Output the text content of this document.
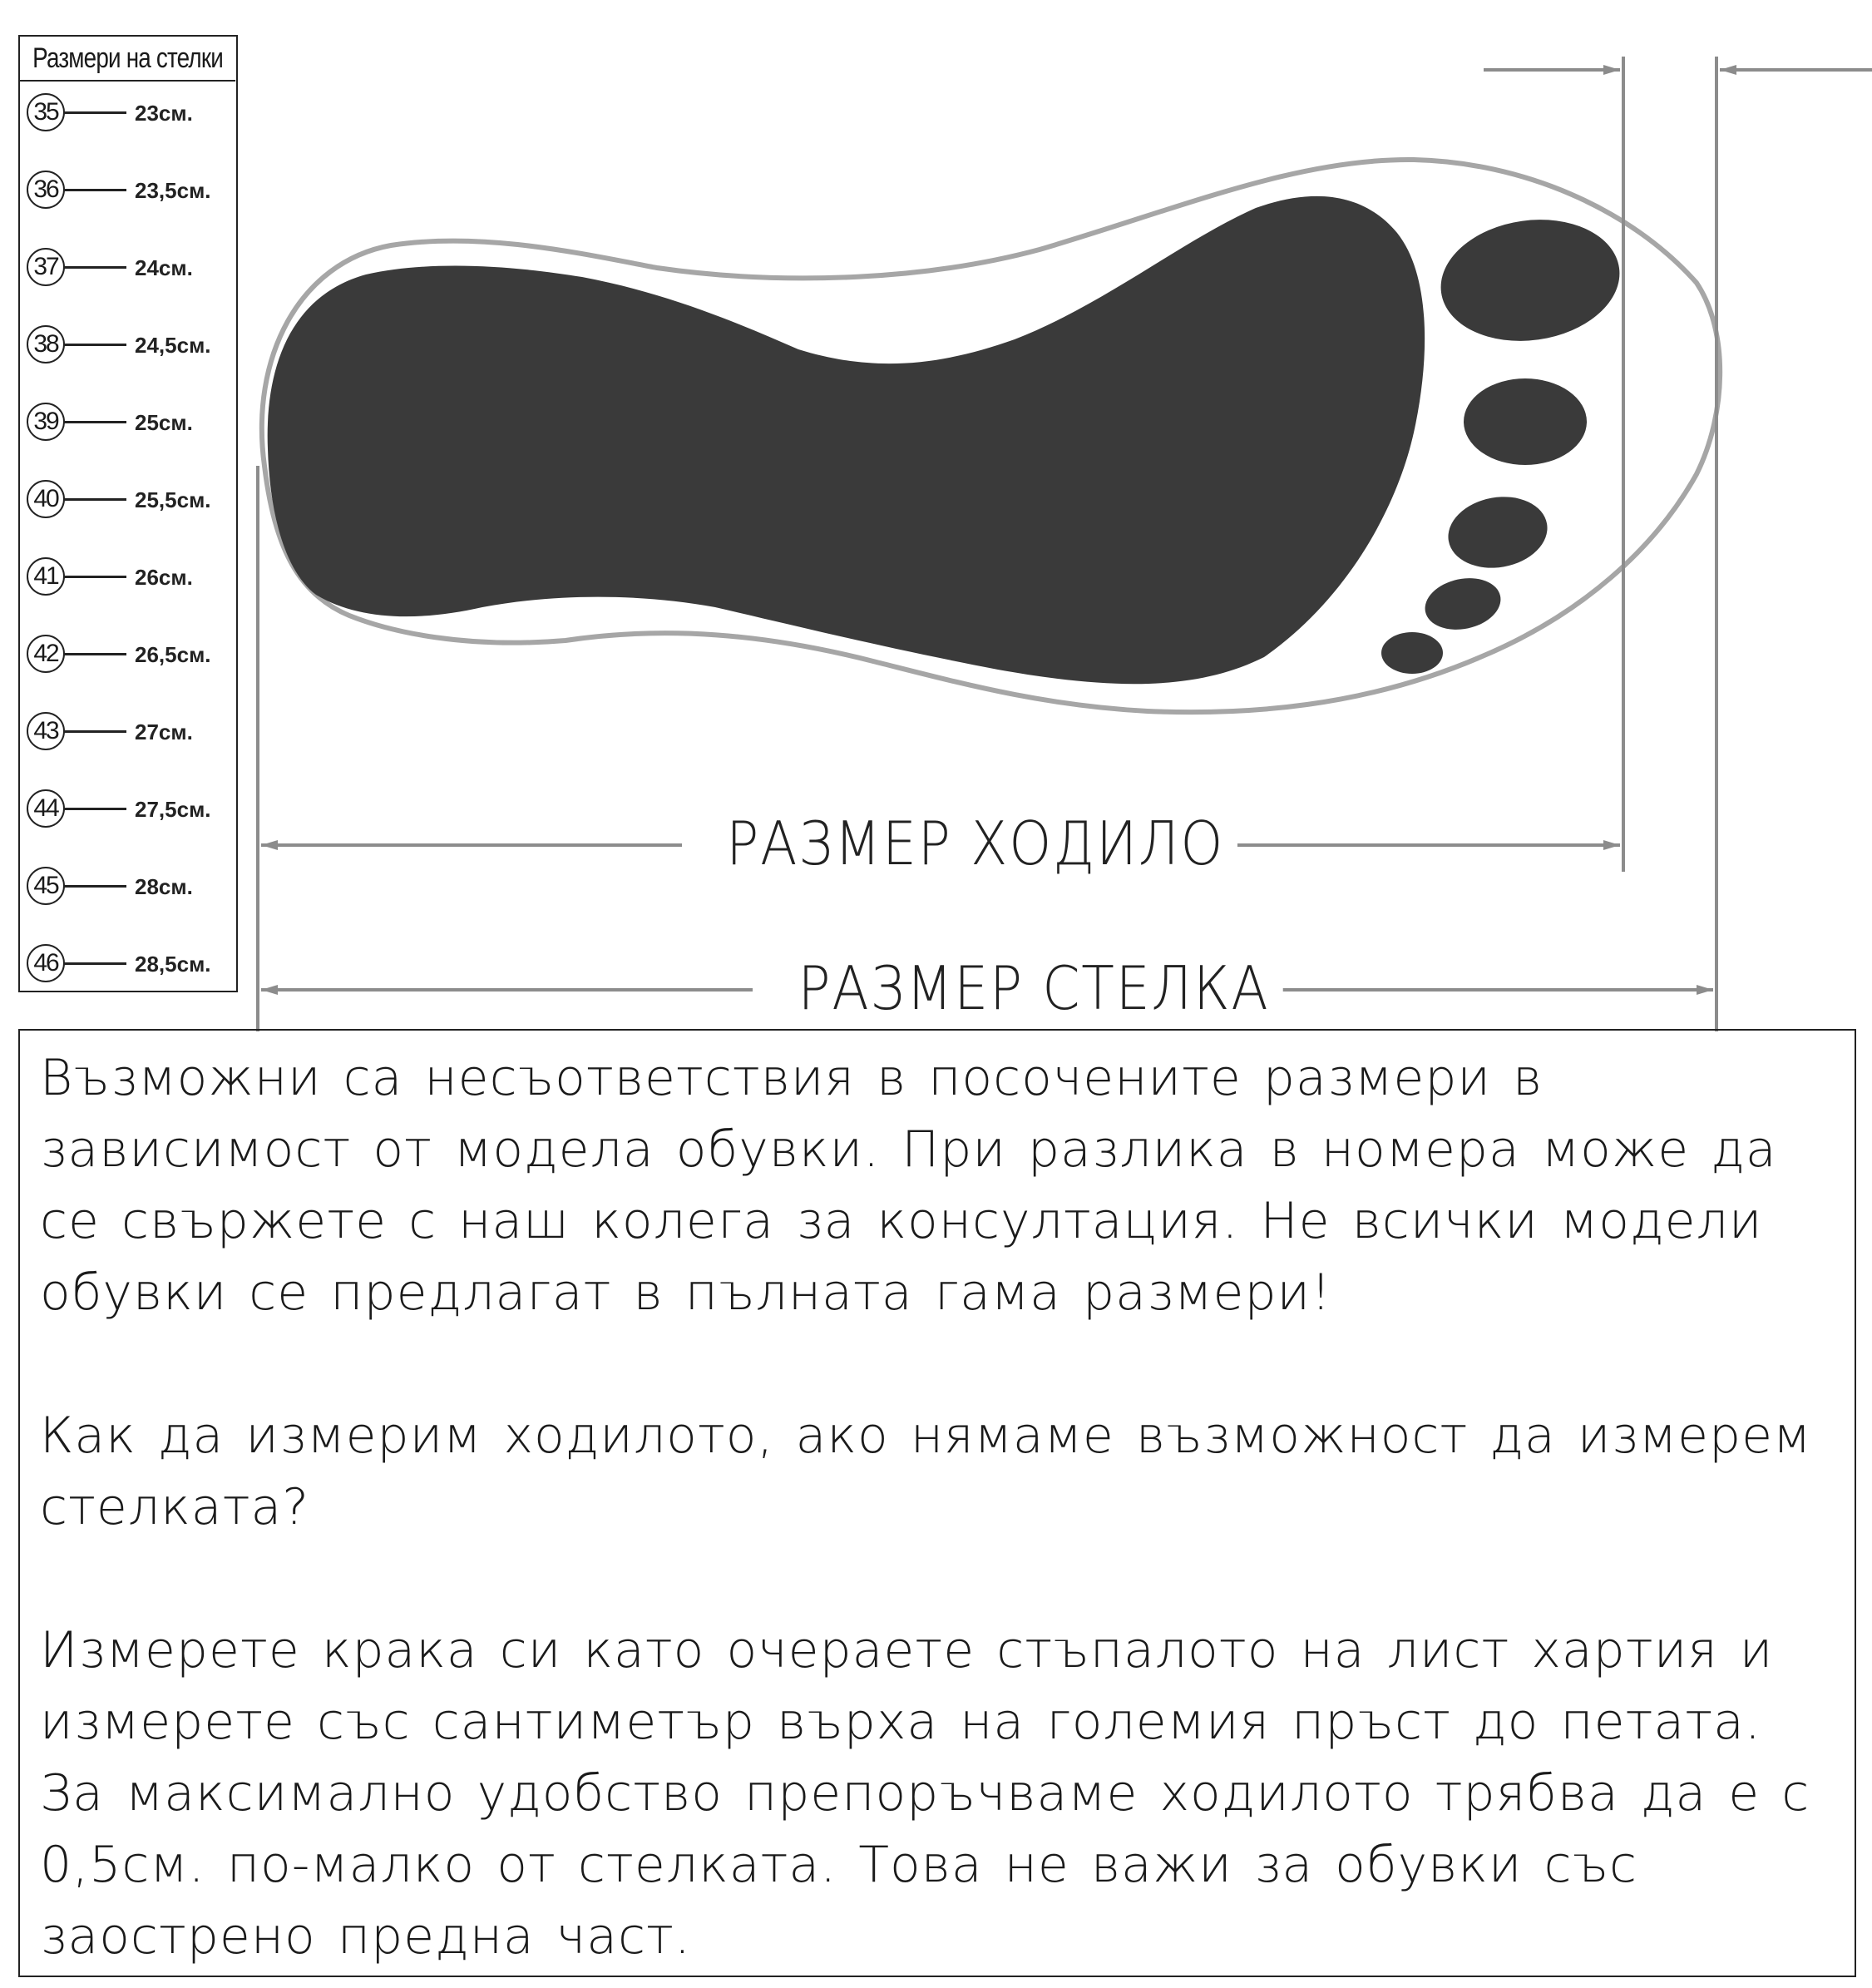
Размери на стелки
35	23см.
36	23,5см.
37	24см.
38	24,5см.
39	25см.
40	25,5см.
41	26см.
42	26,5см.
43	27см.
44	27,5см.
45	28см.
46	28,5см.
РАЗМЕР ХОДИЛО
РАЗМЕР СТЕЛКА

Възможни са несъответствия в посочените размери в зависимост от модела обувки. При разлика в номера може да се свържете с наш колега за консултация. Не всички модели обувки се предлагат в пълната гама размери!

Как да измерим ходилото, ако нямаме възможност да измерем стелката?

Измерете крака си като очераете стъпалото на лист хартия и измерете със сантиметър върха на големия пръст до петата. За максимално удобство препоръчваме ходилото трябва да е с 0,5см. по-малко от стелката. Това не важи за обувки със заострено предна част.
